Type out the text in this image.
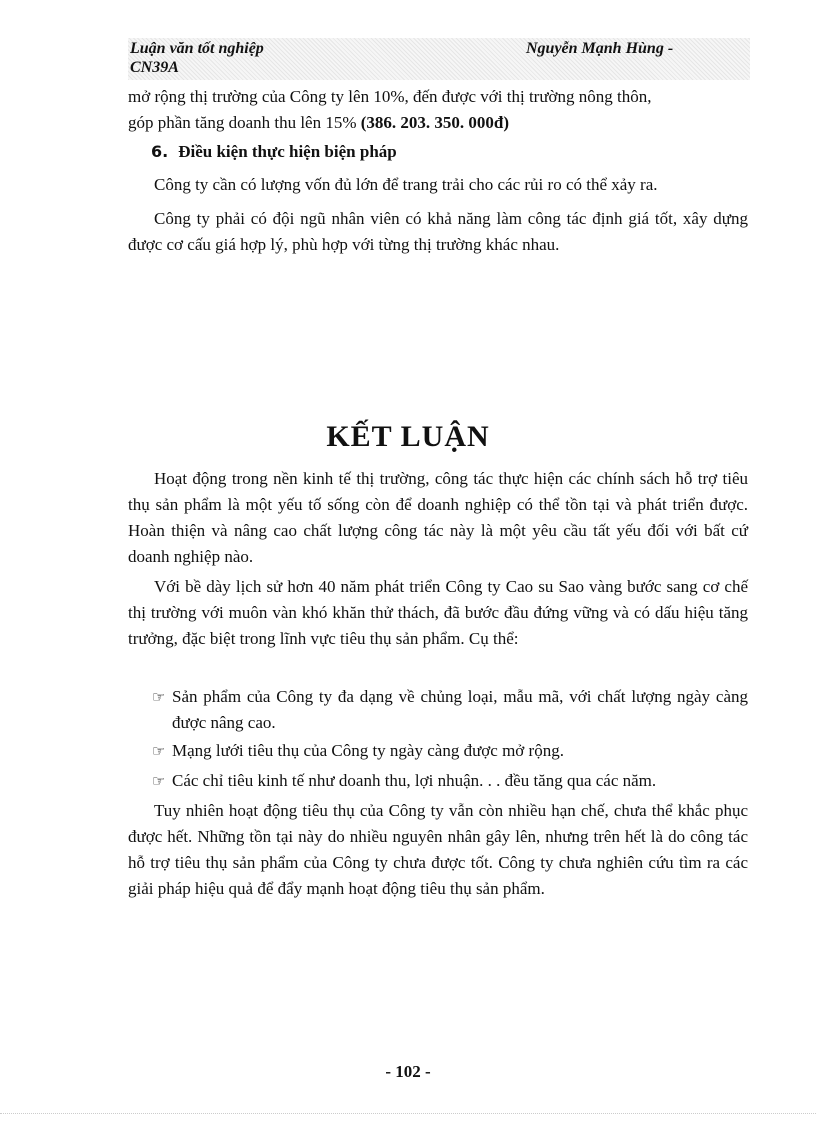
Luận văn tốt nghiệp	Nguyễn Mạnh Hùng -
CN39A

mở rộng thị trường của Công ty lên 10%, đến được với thị trường nông thôn,
góp phần tăng doanh thu lên 15% (386. 203. 350. 000đ)

6. Điều kiện thực hiện biện pháp

Công ty cần có lượng vốn đủ lớn để trang trải cho các rủi ro có thể xảy ra.

Công ty phải có đội ngũ nhân viên có khả năng làm công tác định giá tốt, xây dựng được cơ cấu giá hợp lý, phù hợp với từng thị trường khác nhau.

KẾT LUẬN

Hoạt động trong nền kinh tế thị trường, công tác thực hiện các chính sách hỗ trợ tiêu thụ sản phẩm là một yếu tố sống còn để doanh nghiệp có thể tồn tại và phát triển được. Hoàn thiện và nâng cao chất lượng công tác này là một yêu cầu tất yếu đối với bất cứ doanh nghiệp nào.

Với bề dày lịch sử hơn 40 năm phát triển Công ty Cao su Sao vàng bước sang cơ chế thị trường với muôn vàn khó khăn thử thách, đã bước đầu đứng vững và có dấu hiệu tăng trưởng, đặc biệt trong lĩnh vực tiêu thụ sản phẩm. Cụ thể:

☞ Sản phẩm của Công ty đa dạng về chủng loại, mẫu mã, với chất lượng ngày càng được nâng cao.
☞ Mạng lưới tiêu thụ của Công ty ngày càng được mở rộng.
☞ Các chỉ tiêu kinh tế như doanh thu, lợi nhuận. . . đều tăng qua các năm.

Tuy nhiên hoạt động tiêu thụ của Công ty vẫn còn nhiều hạn chế, chưa thể khắc phục được hết. Những tồn tại này do nhiều nguyên nhân gây lên, nhưng trên hết là do công tác hỗ trợ tiêu thụ sản phẩm của Công ty chưa được tốt. Công ty chưa nghiên cứu tìm ra các giải pháp hiệu quả để đẩy mạnh hoạt động tiêu thụ sản phẩm.

- 102 -
